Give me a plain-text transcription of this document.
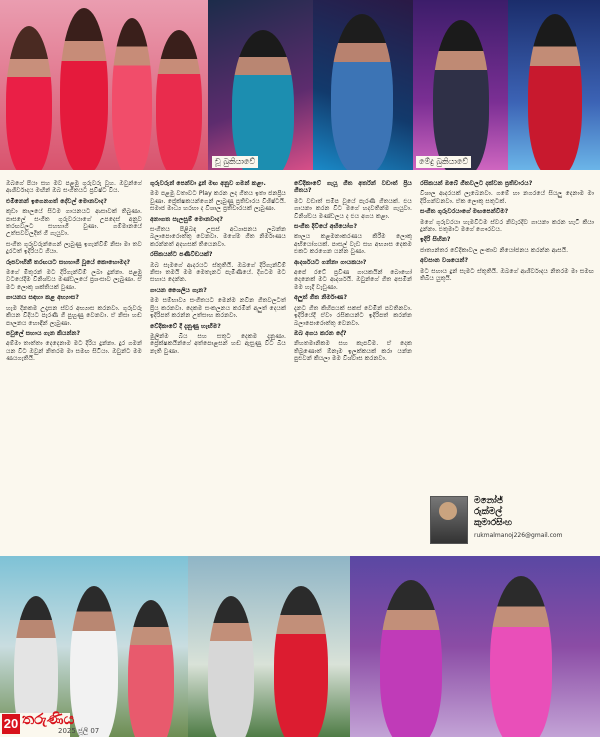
චූ බුකියාවේ	මේදු බුකියාවේ

ඔබගේ පියා සහ මව පළමු ගුරුවරු වූහ. ඔවුන්ගේ ආශීර්වාදය මඟින් ඔබ සංගීතයට ප්‍රවිෂ්ට විය.

එමිනෙන් ඉගෙනගත් දේවල් මොනවාද?

කුඩා කාලයේ සිටම ගායනයට ආසාවක් තිබුණා. පාසලේ සංගීත ගුරුවරයාගේ උපදෙස් අනුව තරඟවලට සහභාගී වුණා. ගම්මානයේ උත්සවවලදීත් ගී ගැයුවා.

සංගීත ගුරුවරුන්ගෙන් ලැබුණු ඉගැන්වීම් නිසා මා තව දුරටත් ඉදිරියට ගියා.

රූපවාහිනී තරඟයට සහභාගී වූයේ කොහොමද?

මගේ මිතුරන් මට දිරිගැන්වීම් ලබා දුන්නා. පළමු වටයේදීම විනිශ්චය මණ්ඩලයේ ප්‍රශංසාව ලැබුණා. ඒ මට ලොකු ශක්තියක් වුණා.

ගායනය සඳහා කළ අභ්‍යාස?

හැම දිනකම උදෑසන ස්වර අභ්‍යාස කරනවා. ගුරුවරු කියන විදියට පැරණි ගී පුහුණු වෙනවා. ඒ නිසා හඬ පාලනය හොඳින් ලැබුණා.

පවුලේ සහාය ගැන කියන්න?

අම්මා තාත්තා දෙදෙනාම මට දිරිය දුන්නා. දුර ගමන් යන විට ඔවුන් නිතරම මා සමඟ සිටියා. ඔවුන්ට මම ණයගැතියි.

ගුරුවරුන් පෙන්වා දුන් මඟ අනුව ගමන් කළා.

මම පළමු වතාවට Play කරන ලද ගීතය ඉතා ජනප්‍රිය වුණා. ප්‍රේක්ෂකයන්ගෙන් ලැබුණු ප්‍රතිචාරය විශිෂ්ටයි. සමාජ මාධ්‍ය හරහා ද විශාල ප්‍රතිචාරයක් ලැබුණා.

අනාගත සැලසුම් මොනවාද?

සංගීතය පිළිබඳ උසස් අධ්‍යාපනය ලබන්න බලාපොරොත්තු වෙනවා. මගේම ගීත නිර්මාණය කරන්නත් අදහසක් තියෙනවා.

රසිකයන්ට පණිවිඩයක්?

ඔබ සැමගේ ආදරයට ස්තූතියි. ඔබගේ දිරිගැන්වීම් නිසා තමයි මම මෙතැනට පැමිණියේ. දිගටම මට සහාය දෙන්න.

ගායන ශෛලිය ගැන?

මම සම්භාව්‍ය සංගීතයට මෙන්ම නවීන ගීතවලටත් ප්‍රිය කරනවා. දෙකම සංකලනය කරමින් අලුත් දෙයක් ඉදිරිපත් කරන්න උත්සාහ කරනවා.

වේදිකාවේ දී දැනුණු හැඟීම?

මුලින්ම බිය සහ සතුට දෙකම දැනුණා. ප්‍රේක්ෂකයින්ගේ අත්පොළසන් හඬ ඇසුණු විට බිය නැති වුණා.

වේදිකාවේ ගැයූ ගීත අතරින් වඩාත් ප්‍රිය ගීතය?

මට වඩාත් සමීප වූයේ පැරණි ගීතයක්. එය ගායනා කරන විට මගේ හදවතින්ම ගැයුවා. විනිශ්චය මණ්ඩලය ද එය අගය කළා.

සංගීත දිවියේ අභියෝග?

කාලය කළමනාකරණය කිරීම ලොකු අභියෝගයක්. පාසල් වැඩ සහ අභ්‍යාස දෙකම එකට කරගෙන යන්න වුණා.

ආදර්ශයට ගන්නා ගායකයා?

අපේ රටේ ප්‍රවීණ ගායකයින් බොහෝ දෙනෙක් මට ආදර්ශයි. ඔවුන්ගේ ගීත අසමින් මම හැදී වැඩුණා.

අලුත් ගීත නිර්මාණ?

දැනට ගීත කිහිපයක් සකස් වෙමින් පවතිනවා. ඉදිරියේදී ඒවා රසිකයන්ට ඉදිරිපත් කරන්න බලාපොරොත්තු වෙනවා.

ඔබ අගය කරන දේ?

නිහතමානිකම සහ කැපවීම. ඒ දෙක තිබුණොත් ඕනෑම ඉලක්කයක් කරා යන්න පුළුවන් කියලා මම විශ්වාස කරනවා.

රසිකයන් ඔබේ ගීතවලට දක්වන ප්‍රතිචාරය?

විශාල ආදරයක් ලැබෙනවා. ගමේ හා නගරයේ සියලු දෙනාම මා දිරිගන්වනවා. ඒක ලොකු සතුටක්.

සංගීත ගුරුවරයාගේ මඟපෙන්වීම?

මගේ ගුරුවරයා හැමවිටම ස්වර නිවැරදිව ගායනා කරන හැටි කියා දුන්නා. එතුමාට මගේ ගෞරවය.

ඉදිරි සිහින?

ජාත්‍යන්තර වේදිකාවල ලංකාව නියෝජනය කරන්න ආසයි.

අවසාන වශයෙන්?

මට සහාය දුන් සැමට ස්තූතියි. ඔබගේ ආශීර්වාදය නිතරම මා සමඟ තිබිය යුතුයි.

මනෝජ්
රුක්මල්
කුමාරසිංහ
rukmalmanoj226@gmail.com
20 තරුණිය
2025 ජූලි 07
